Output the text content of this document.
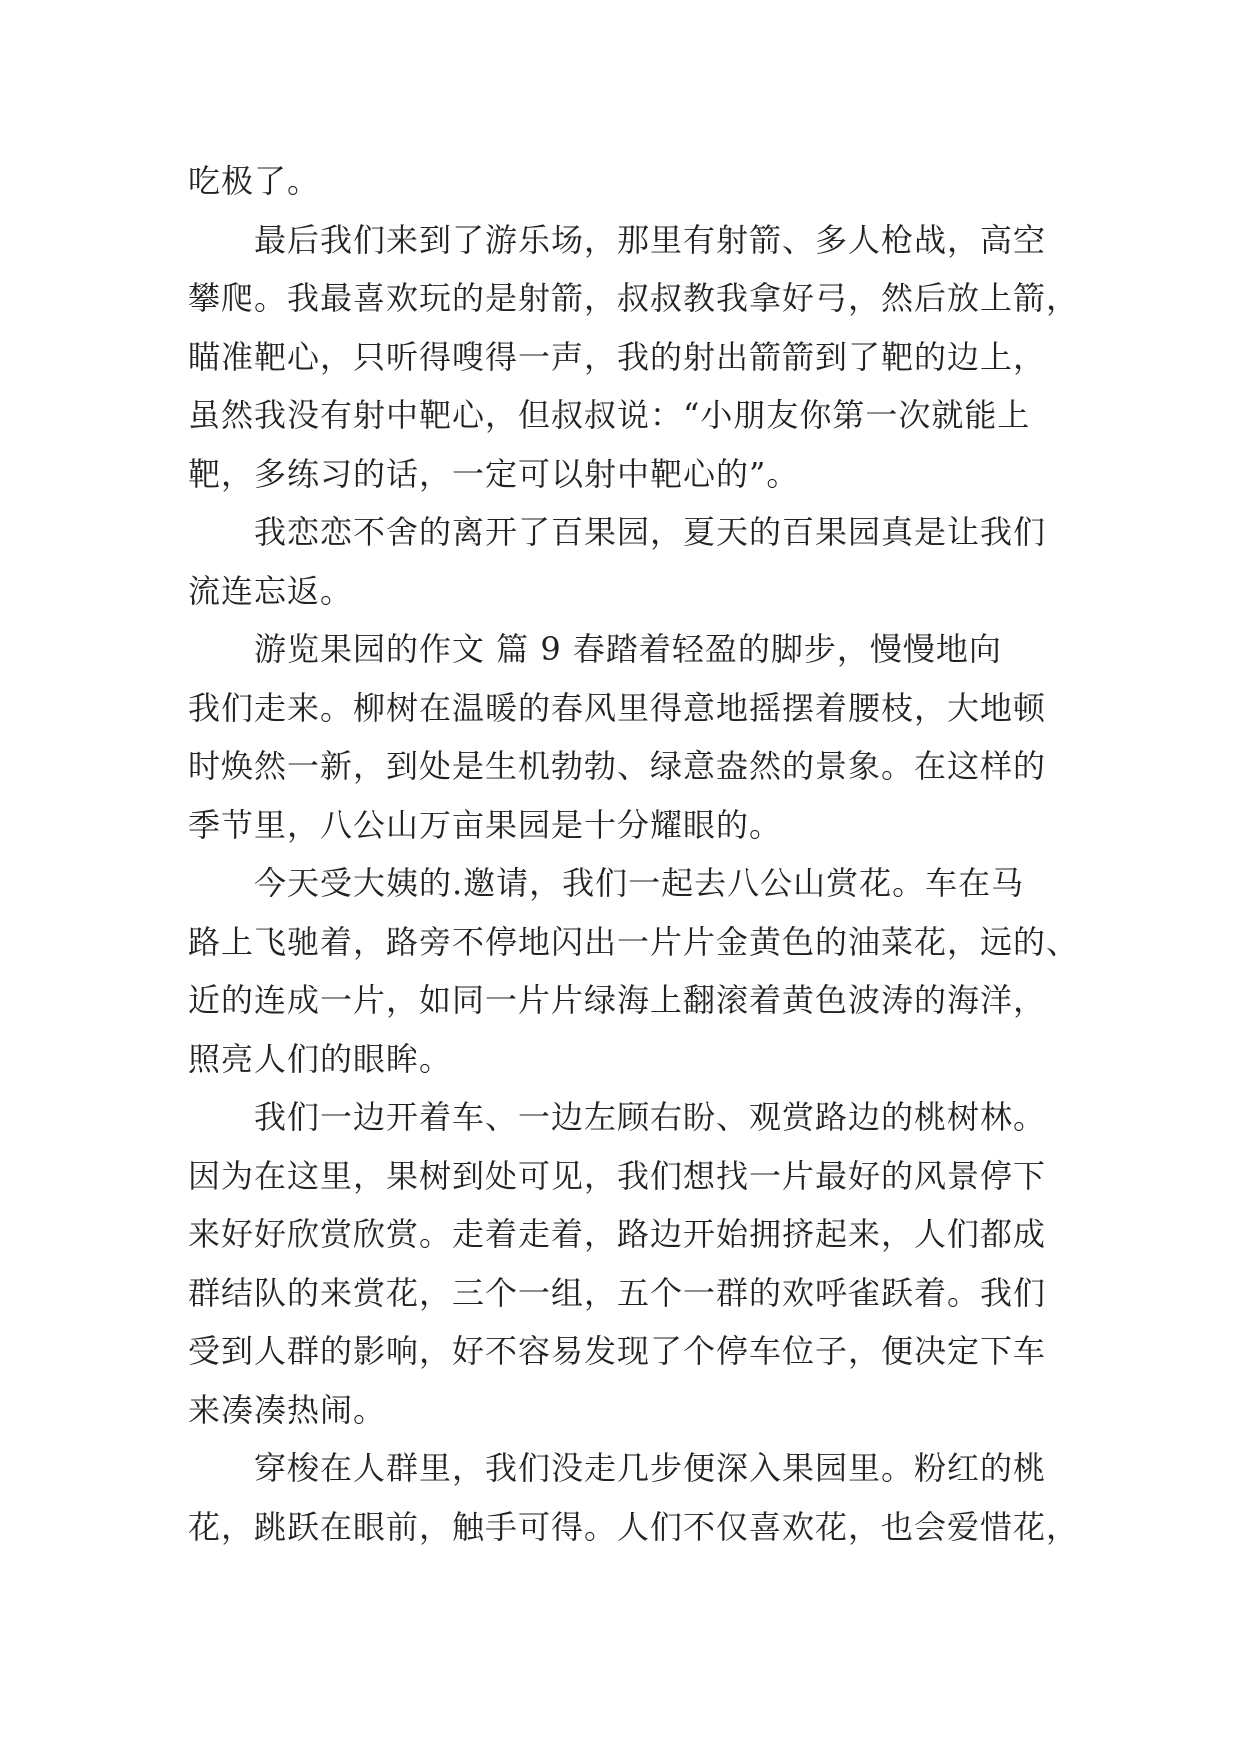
吃极了。
最后我们来到了游乐场，那里有射箭、多人枪战，高空
攀爬。我最喜欢玩的是射箭，叔叔教我拿好弓，然后放上箭，
瞄准靶心，只听得嗖得一声，我的射出箭箭到了靶的边上，
虽然我没有射中靶心，但叔叔说：“小朋友你第一次就能上
靶，多练习的话，一定可以射中靶心的”。
我恋恋不舍的离开了百果园，夏天的百果园真是让我们
流连忘返。
游览果园的作文 篇 9 春踏着轻盈的脚步，慢慢地向
我们走来。柳树在温暖的春风里得意地摇摆着腰枝，大地顿
时焕然一新，到处是生机勃勃、绿意盎然的景象。在这样的
季节里，八公山万亩果园是十分耀眼的。
今天受大姨的.邀请，我们一起去八公山赏花。车在马
路上飞驰着，路旁不停地闪出一片片金黄色的油菜花，远的、
近的连成一片，如同一片片绿海上翻滚着黄色波涛的海洋，
照亮人们的眼眸。
我们一边开着车、一边左顾右盼、观赏路边的桃树林。
因为在这里，果树到处可见，我们想找一片最好的风景停下
来好好欣赏欣赏。走着走着，路边开始拥挤起来，人们都成
群结队的来赏花，三个一组，五个一群的欢呼雀跃着。我们
受到人群的影响，好不容易发现了个停车位子，便决定下车
来凑凑热闹。
穿梭在人群里，我们没走几步便深入果园里。粉红的桃
花，跳跃在眼前，触手可得。人们不仅喜欢花，也会爱惜花，
